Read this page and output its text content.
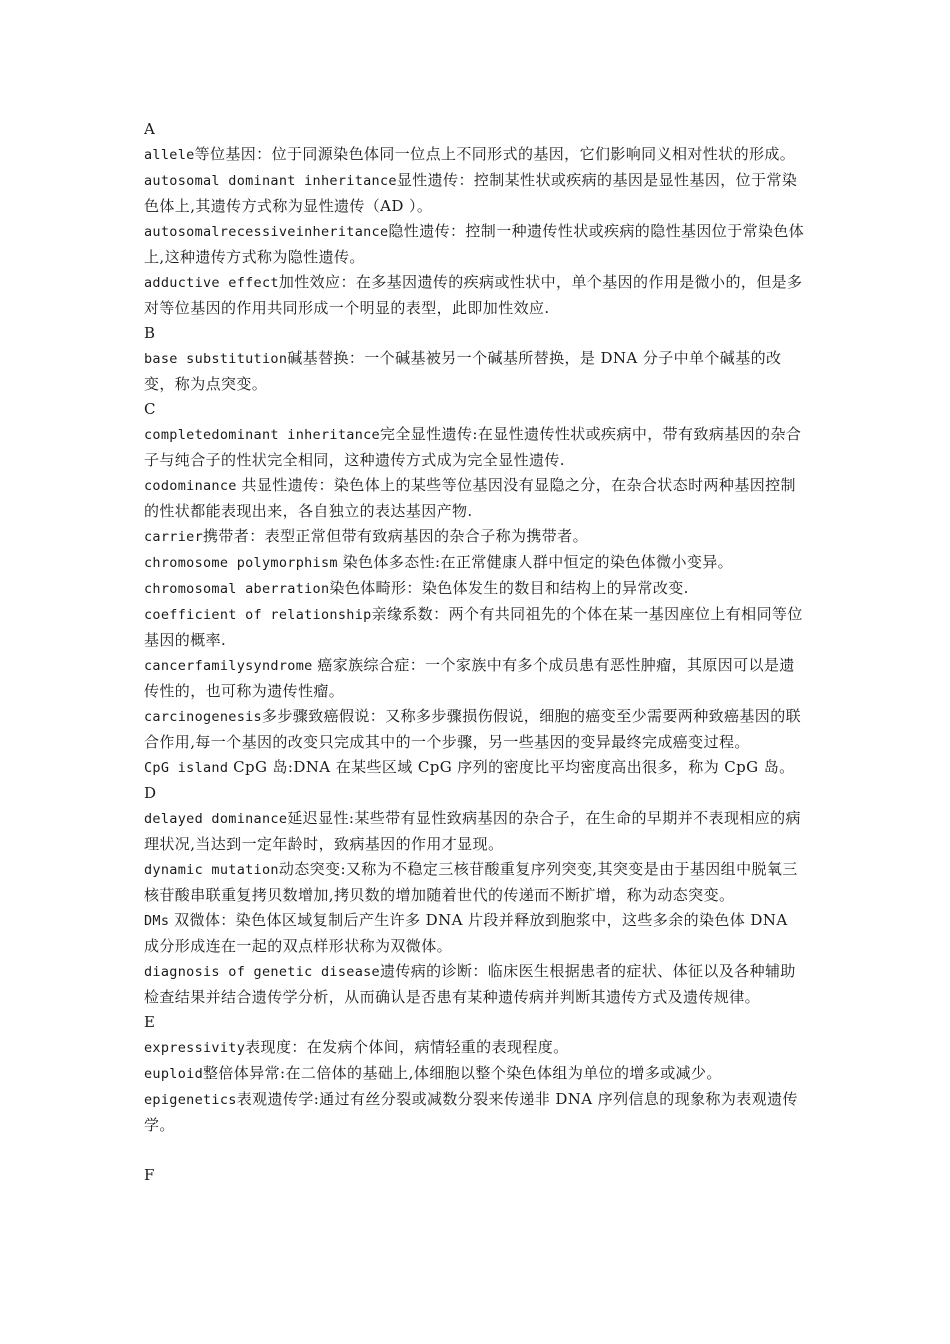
A
allele等位基因：位于同源染色体同一位点上不同形式的基因，它们影响同义相对性状的形成。
autosomal dominant inheritance显性遗传：控制某性状或疾病的基因是显性基因，位于常染色体上,其遗传方式称为显性遗传（AD ）。
autosomalrecessiveinheritance隐性遗传：控制一种遗传性状或疾病的隐性基因位于常染色体上,这种遗传方式称为隐性遗传。
adductive effect加性效应：在多基因遗传的疾病或性状中，单个基因的作用是微小的，但是多对等位基因的作用共同形成一个明显的表型，此即加性效应.
B
base substitution碱基替换：一个碱基被另一个碱基所替换，是 DNA 分子中单个碱基的改变，称为点突变。
C
completedominant inheritance完全显性遗传:在显性遗传性状或疾病中，带有致病基因的杂合子与纯合子的性状完全相同，这种遗传方式成为完全显性遗传.
codominance 共显性遗传：染色体上的某些等位基因没有显隐之分，在杂合状态时两种基因控制的性状都能表现出来，各自独立的表达基因产物.
carrier携带者：表型正常但带有致病基因的杂合子称为携带者。
chromosome polymorphism 染色体多态性:在正常健康人群中恒定的染色体微小变异。
chromosomal aberration染色体畸形：染色体发生的数目和结构上的异常改变.
coefficient of relationship亲缘系数：两个有共同祖先的个体在某一基因座位上有相同等位基因的概率.
cancerfamilysyndrome 癌家族综合症：一个家族中有多个成员患有恶性肿瘤，其原因可以是遗传性的，也可称为遗传性瘤。
carcinogenesis多步骤致癌假说：又称多步骤损伤假说，细胞的癌变至少需要两种致癌基因的联合作用,每一个基因的改变只完成其中的一个步骤，另一些基因的变异最终完成癌变过程。
CpG island CpG 岛:DNA 在某些区域 CpG 序列的密度比平均密度高出很多，称为 CpG 岛。
D
delayed dominance延迟显性:某些带有显性致病基因的杂合子，在生命的早期并不表现相应的病理状况,当达到一定年龄时，致病基因的作用才显现。
dynamic mutation动态突变:又称为不稳定三核苷酸重复序列突变,其突变是由于基因组中脱氧三核苷酸串联重复拷贝数增加,拷贝数的增加随着世代的传递而不断扩增，称为动态突变。
DMs 双微体：染色体区域复制后产生许多 DNA 片段并释放到胞浆中，这些多余的染色体 DNA 成分形成连在一起的双点样形状称为双微体。
diagnosis of genetic disease遗传病的诊断：临床医生根据患者的症状、体征以及各种辅助检查结果并结合遗传学分析，从而确认是否患有某种遗传病并判断其遗传方式及遗传规律。
E
expressivity表现度：在发病个体间，病情轻重的表现程度。
euploid整倍体异常:在二倍体的基础上,体细胞以整个染色体组为单位的增多或减少。
epigenetics表观遗传学:通过有丝分裂或减数分裂来传递非 DNA 序列信息的现象称为表观遗传学。
F
